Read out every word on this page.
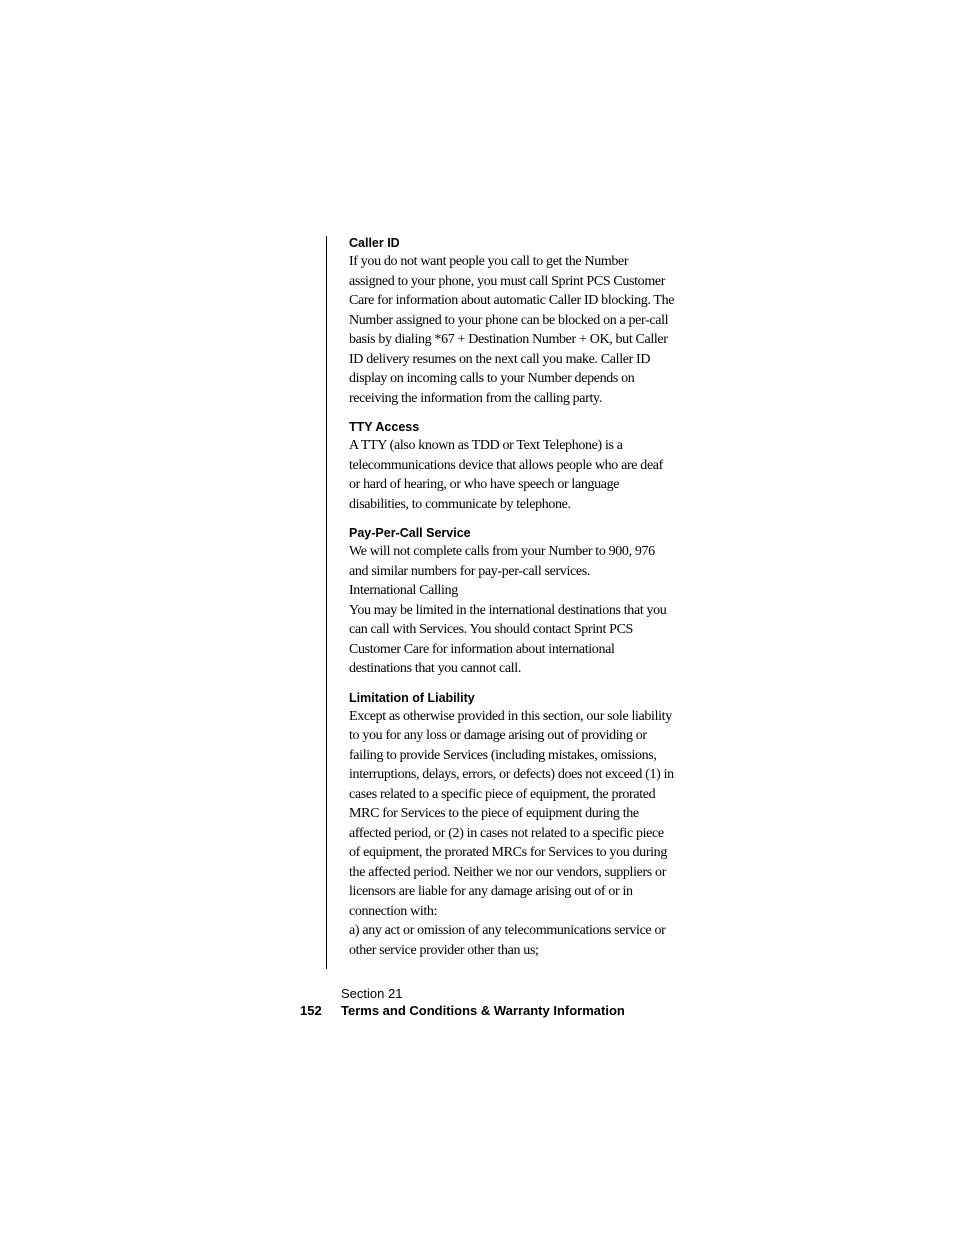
Caller ID

If you do not want people you call to get the Number assigned to your phone, you must call Sprint PCS Customer Care for information about automatic Caller ID blocking. The Number assigned to your phone can be blocked on a per-call basis by dialing *67 + Destination Number + OK, but Caller ID delivery resumes on the next call you make. Caller ID display on incoming calls to your Number depends on receiving the information from the calling party.

TTY Access

A TTY (also known as TDD or Text Telephone) is a telecommunications device that allows people who are deaf or hard of hearing, or who have speech or language disabilities, to communicate by telephone.

Pay-Per-Call Service

We will not complete calls from your Number to 900, 976 and similar numbers for pay-per-call services.

International Calling

You may be limited in the international destinations that you can call with Services. You should contact Sprint PCS Customer Care for information about international destinations that you cannot call.

Limitation of Liability

Except as otherwise provided in this section, our sole liability to you for any loss or damage arising out of providing or failing to provide Services (including mistakes, omissions, interruptions, delays, errors, or defects) does not exceed (1) in cases related to a specific piece of equipment, the prorated MRC for Services to the piece of equipment during the affected period, or (2) in cases not related to a specific piece of equipment, the prorated MRCs for Services to you during the affected period. Neither we nor our vendors, suppliers or licensors are liable for any damage arising out of or in connection with:

a) any act or omission of any telecommunications service or other service provider other than us;

Section 21

152 Terms and Conditions & Warranty Information
